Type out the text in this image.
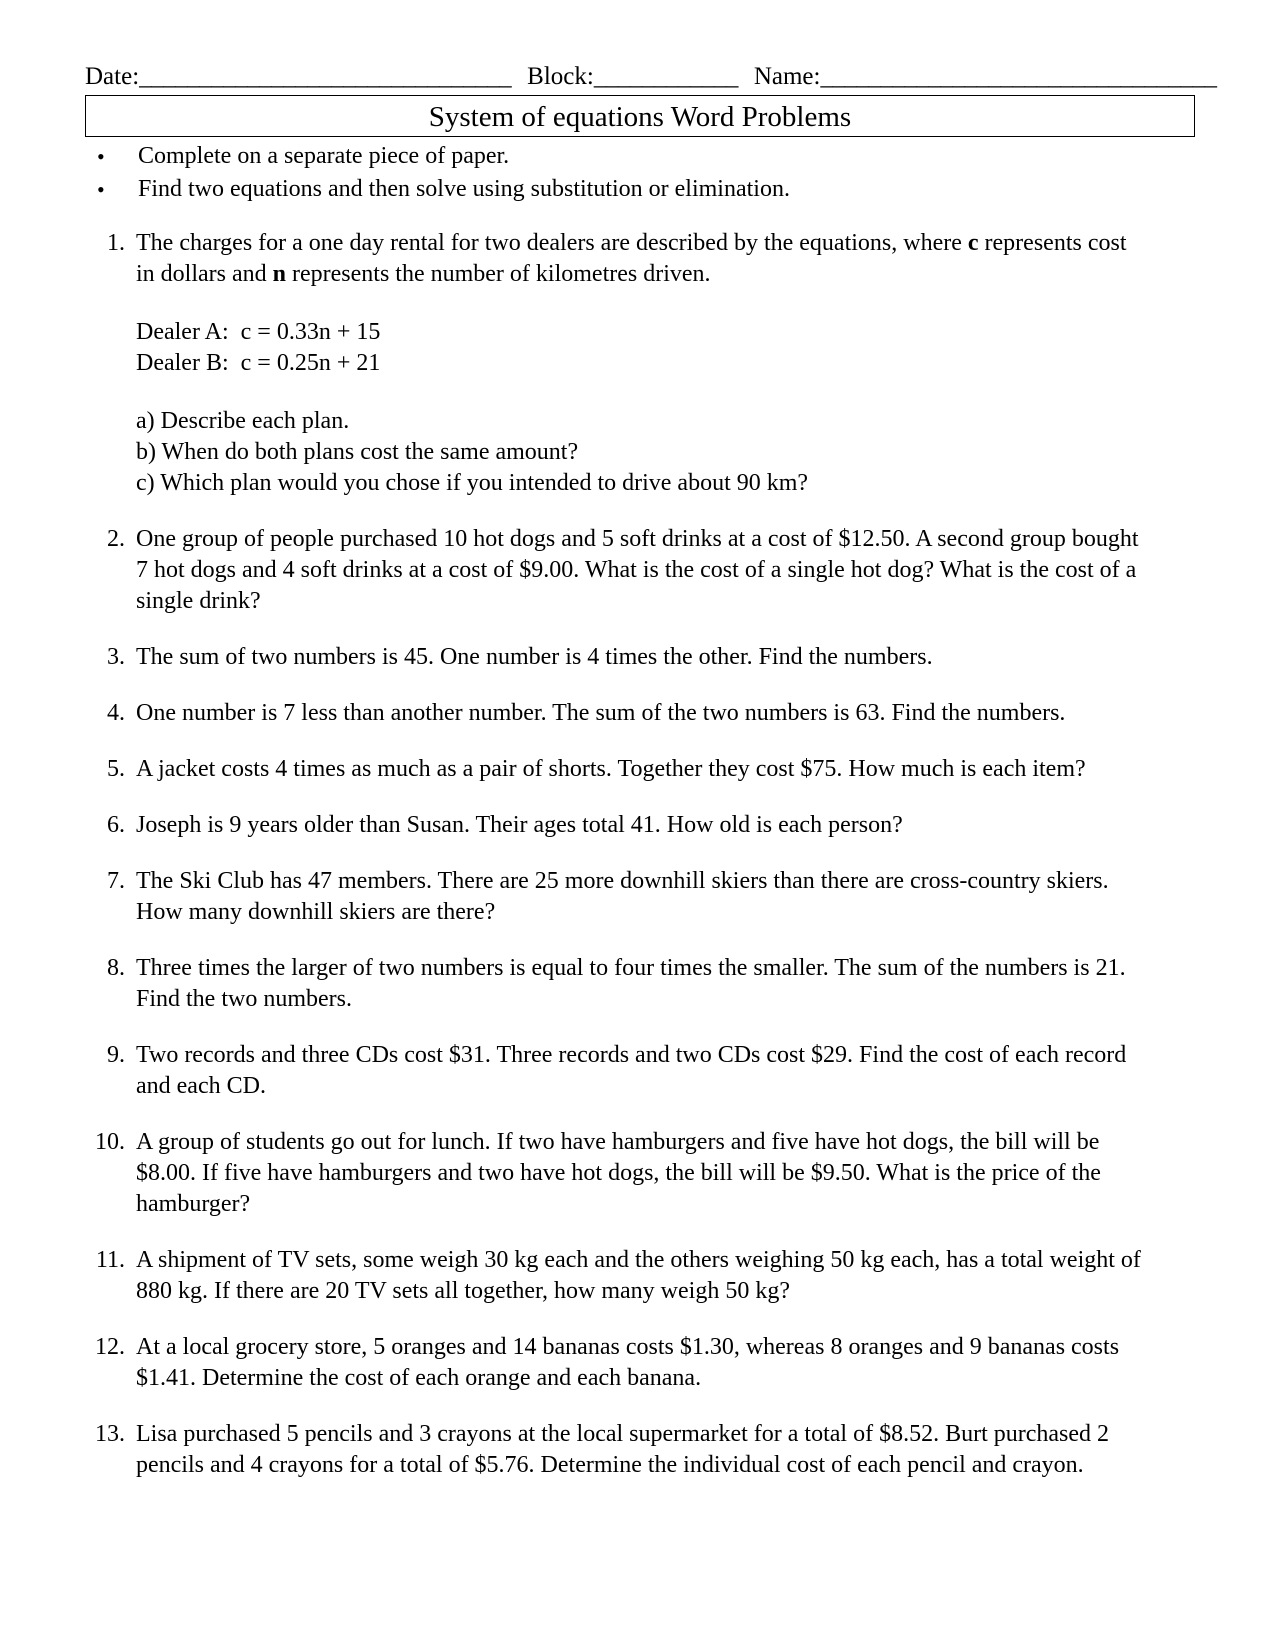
Date:_______________________________ Block:____________ Name:_________________________________
System of equations Word Problems
• Complete on a separate piece of paper.
• Find two equations and then solve using substitution or elimination.
1. The charges for a one day rental for two dealers are described by the equations, where c represents cost in dollars and n represents the number of kilometres driven.
Dealer A:  c = 0.33n + 15
Dealer B:  c = 0.25n + 21
a) Describe each plan.
b) When do both plans cost the same amount?
c) Which plan would you chose if you intended to drive about 90 km?
2. One group of people purchased 10 hot dogs and 5 soft drinks at a cost of $12.50. A second group bought 7 hot dogs and 4 soft drinks at a cost of $9.00. What is the cost of a single hot dog? What is the cost of a single drink?
3. The sum of two numbers is 45. One number is 4 times the other. Find the numbers.
4. One number is 7 less than another number. The sum of the two numbers is 63. Find the numbers.
5. A jacket costs 4 times as much as a pair of shorts. Together they cost $75. How much is each item?
6. Joseph is 9 years older than Susan. Their ages total 41. How old is each person?
7. The Ski Club has 47 members. There are 25 more downhill skiers than there are cross-country skiers. How many downhill skiers are there?
8. Three times the larger of two numbers is equal to four times the smaller. The sum of the numbers is 21. Find the two numbers.
9. Two records and three CDs cost $31. Three records and two CDs cost $29. Find the cost of each record and each CD.
10. A group of students go out for lunch. If two have hamburgers and five have hot dogs, the bill will be $8.00. If five have hamburgers and two have hot dogs, the bill will be $9.50. What is the price of the hamburger?
11. A shipment of TV sets, some weigh 30 kg each and the others weighing 50 kg each, has a total weight of 880 kg. If there are 20 TV sets all together, how many weigh 50 kg?
12. At a local grocery store, 5 oranges and 14 bananas costs $1.30, whereas 8 oranges and 9 bananas costs $1.41. Determine the cost of each orange and each banana.
13. Lisa purchased 5 pencils and 3 crayons at the local supermarket for a total of $8.52. Burt purchased 2 pencils and 4 crayons for a total of $5.76. Determine the individual cost of each pencil and crayon.
